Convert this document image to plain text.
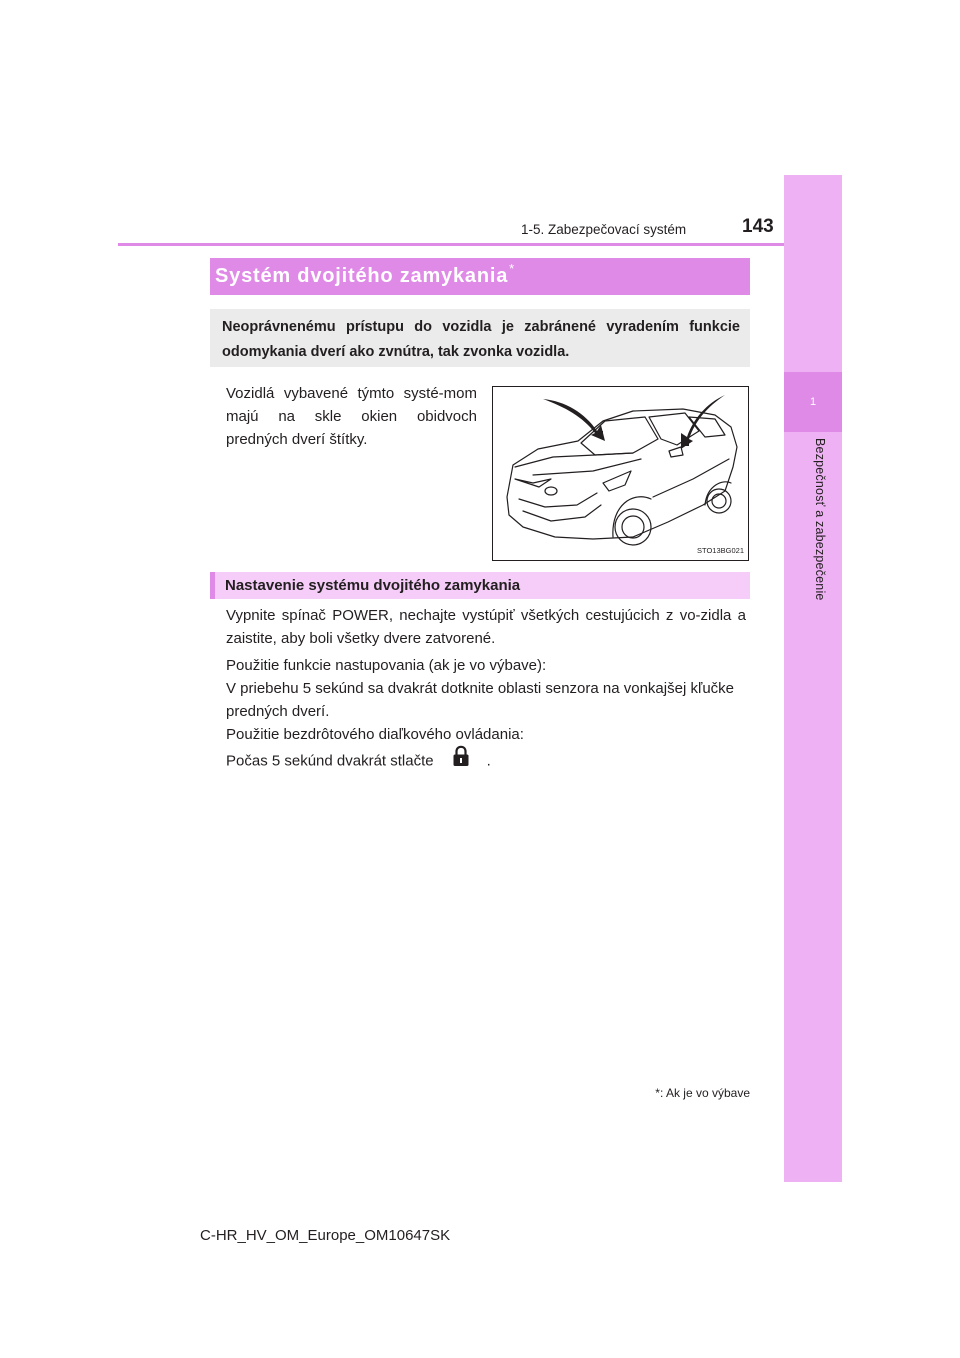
1
Bezpečnosť a zabezpečenie
1-5. Zabezpečovací systém	143
Systém dvojitého zamykania *
Neoprávnenému prístupu do vozidla je zabránené vyradením funkcie odomykania dverí ako zvnútra, tak zvonka vozidla.
Vozidlá vybavené týmto systé-mom majú na skle okien obidvoch predných dverí štítky.
STO13BG021
Nastavenie systému dvojitého zamykania
Vypnite spínač POWER, nechajte vystúpiť všetkých cestujúcich z vo-zidla a zaistite, aby boli všetky dvere zatvorené.
Použitie funkcie nastupovania (ak je vo výbave):
V priebehu 5 sekúnd sa dvakrát dotknite oblasti senzora na vonkajšej kľučke predných dverí.
Použitie bezdrôtového diaľkového ovládania:
Počas 5 sekúnd dvakrát stlačte	.
*: Ak je vo výbave
C-HR_HV_OM_Europe_OM10647SK
